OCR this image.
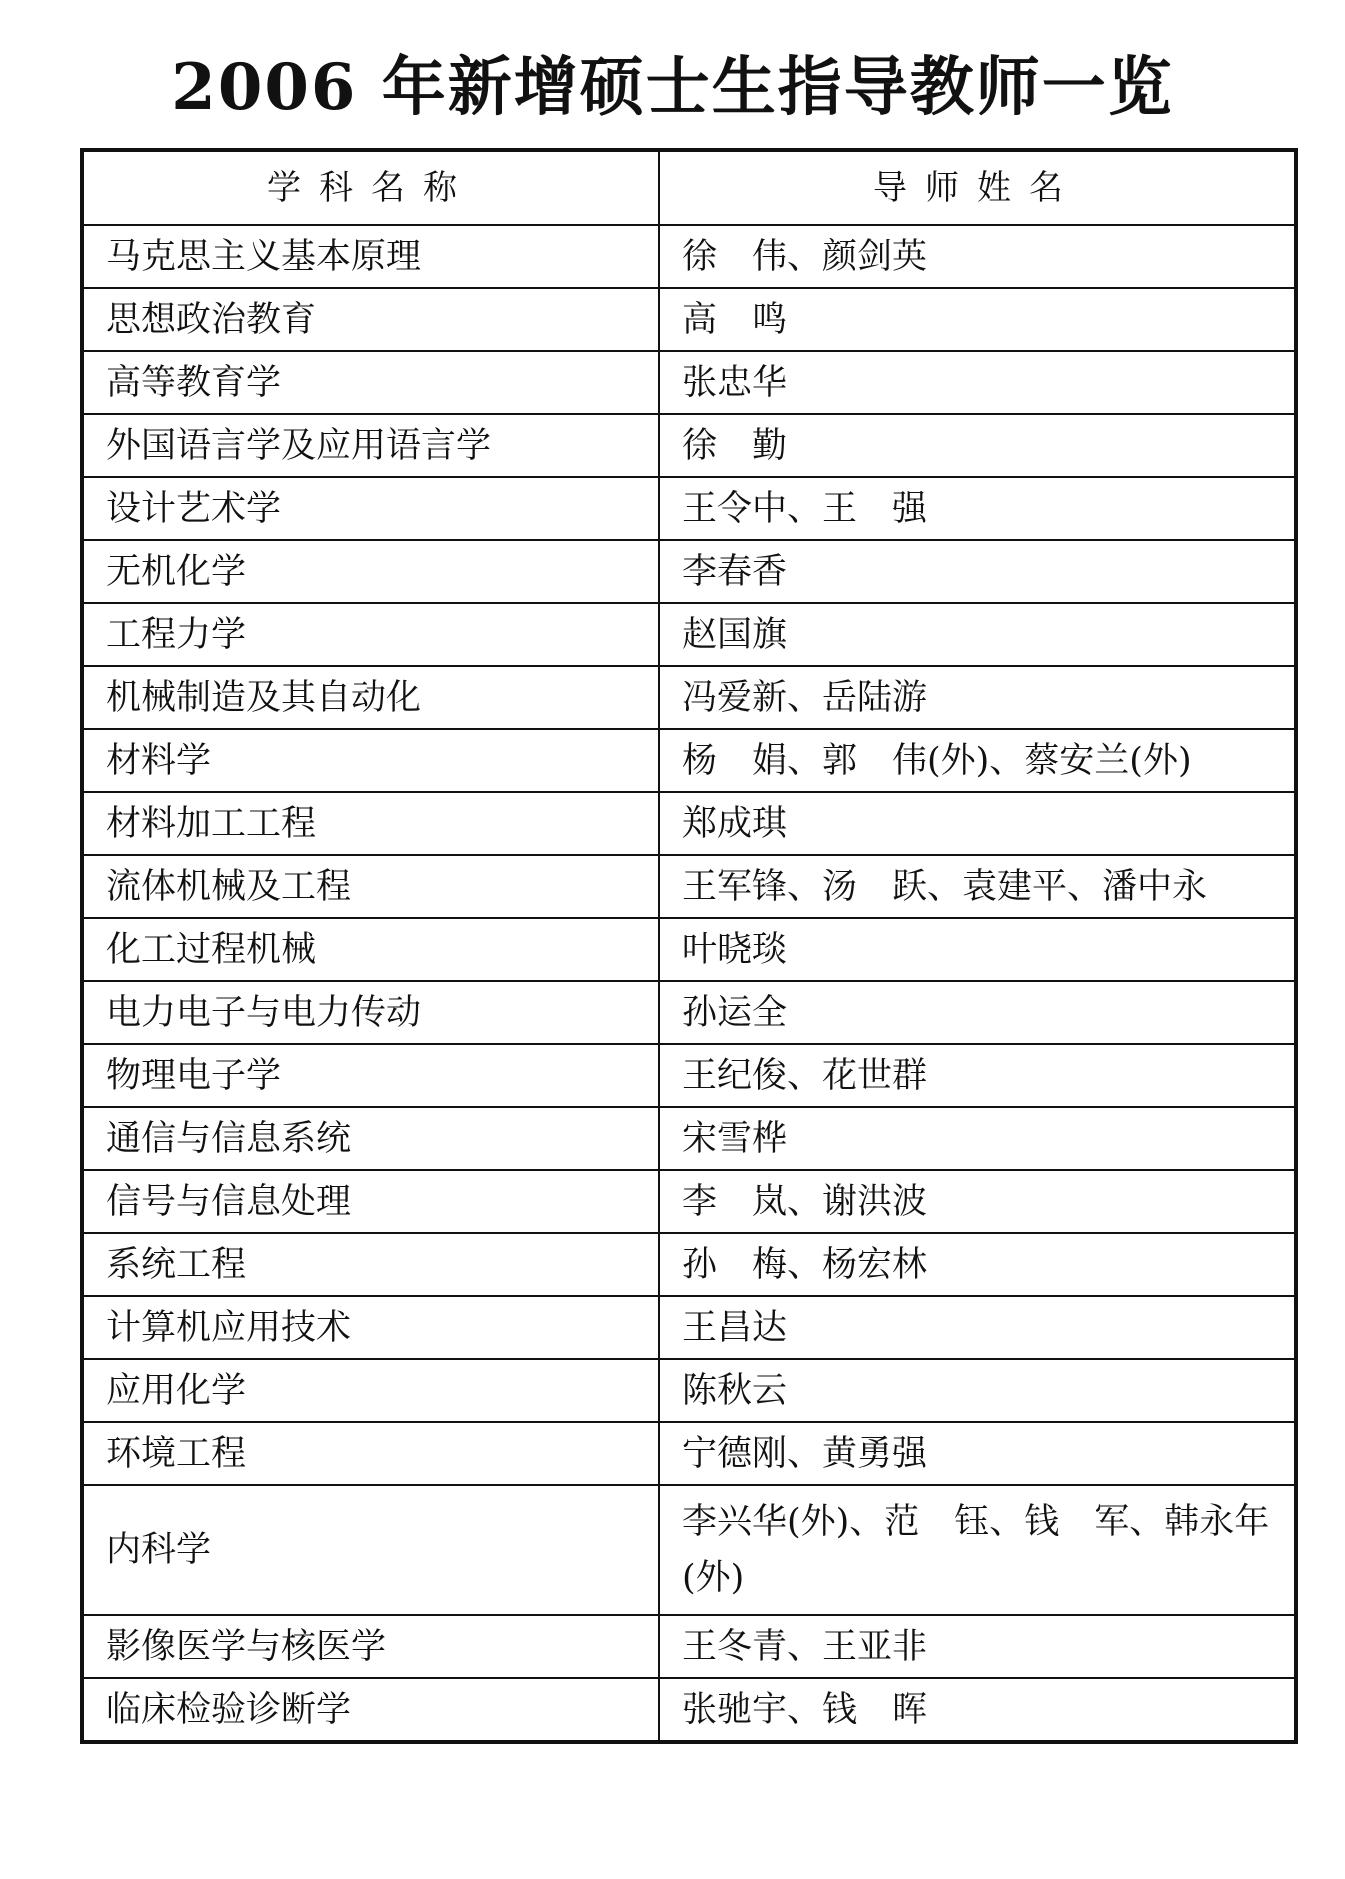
2006 年新增硕士生指导教师一览
学科名称	导师姓名
马克思主义基本原理	徐　伟、颜剑英
思想政治教育	高　鸣
高等教育学	张忠华
外国语言学及应用语言学	徐　勤
设计艺术学	王令中、王　强
无机化学	李春香
工程力学	赵国旗
机械制造及其自动化	冯爱新、岳陆游
材料学	杨　娟、郭　伟(外)、蔡安兰(外)
材料加工工程	郑成琪
流体机械及工程	王军锋、汤　跃、袁建平、潘中永
化工过程机械	叶晓琰
电力电子与电力传动	孙运全
物理电子学	王纪俊、花世群
通信与信息系统	宋雪桦
信号与信息处理	李　岚、谢洪波
系统工程	孙　梅、杨宏林
计算机应用技术	王昌达
应用化学	陈秋云
环境工程	宁德刚、黄勇强
内科学	李兴华(外)、范　钰、钱　军、韩永年(外)
影像医学与核医学	王冬青、王亚非
临床检验诊断学	张驰宇、钱　晖
